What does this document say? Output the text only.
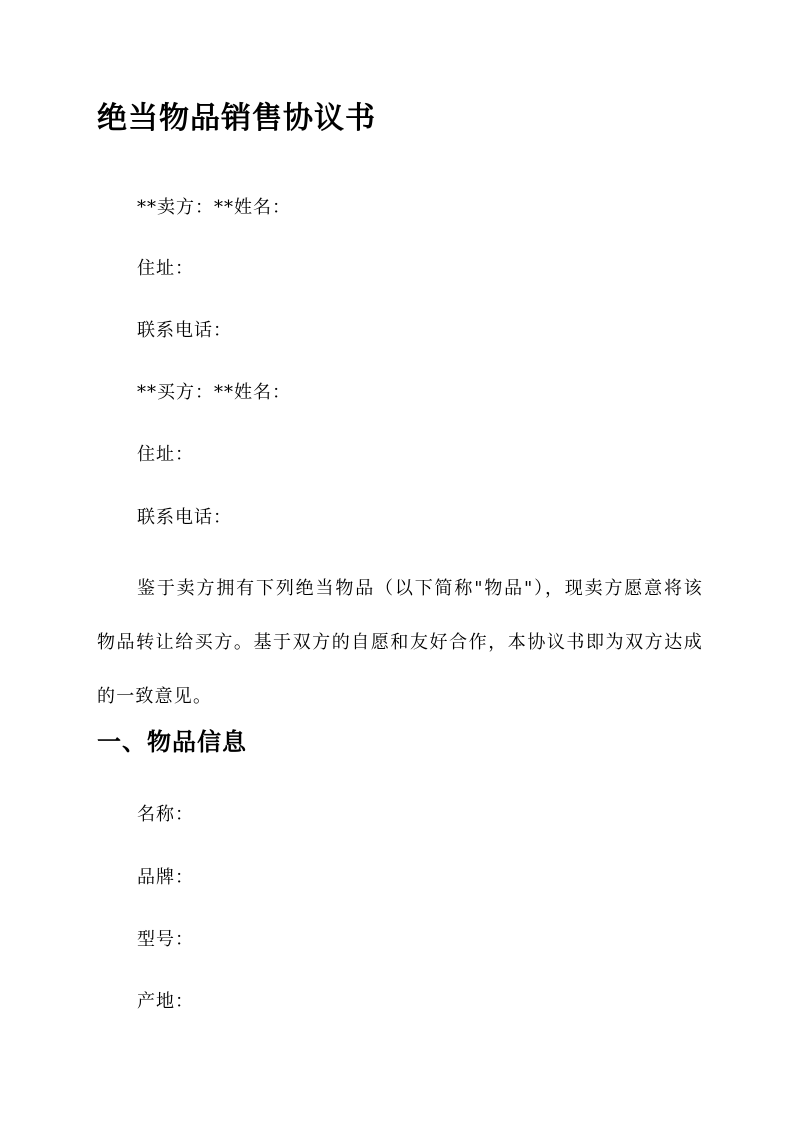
绝当物品销售协议书

**卖方：**姓名：

住址：

联系电话：

**买方：**姓名：

住址：

联系电话：

鉴于卖方拥有下列绝当物品（以下简称"物品"），现卖方愿意将该物品转让给买方。基于双方的自愿和友好合作，本协议书即为双方达成的一致意见。

一、物品信息

名称：

品牌：

型号：

产地：
